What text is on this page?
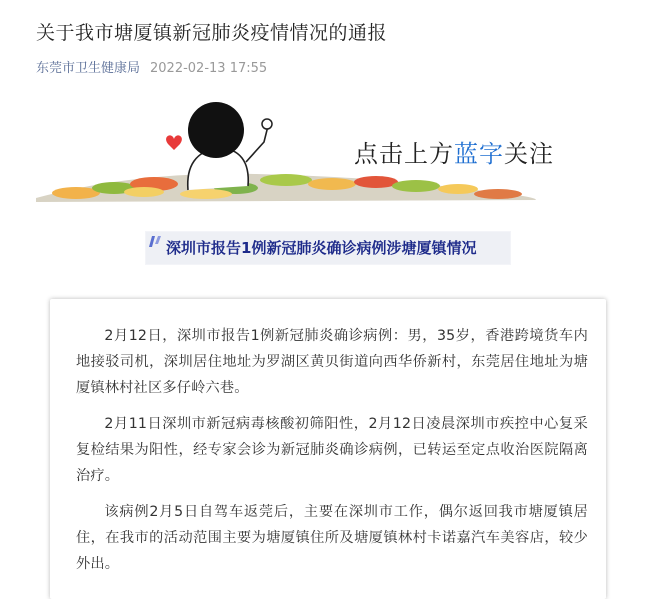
关于我市塘厦镇新冠肺炎疫情情况的通报
东莞市卫生健康局 2022-02-13 17:55
点击上方蓝字关注
深圳市报告1例新冠肺炎确诊病例涉塘厦镇情况

2月12日，深圳市报告1例新冠肺炎确诊病例：男，35岁，香港跨境货车内地接驳司机，深圳居住地址为罗湖区黄贝街道向西华侨新村，东莞居住地址为塘厦镇林村社区多仔岭六巷。

2月11日深圳市新冠病毒核酸初筛阳性，2月12日凌晨深圳市疾控中心复采复检结果为阳性，经专家会诊为新冠肺炎确诊病例，已转运至定点收治医院隔离治疗。

该病例2月5日自驾车返莞后，主要在深圳市工作，偶尔返回我市塘厦镇居住，在我市的活动范围主要为塘厦镇住所及塘厦镇林村卡诺嘉汽车美容店，较少外出。
